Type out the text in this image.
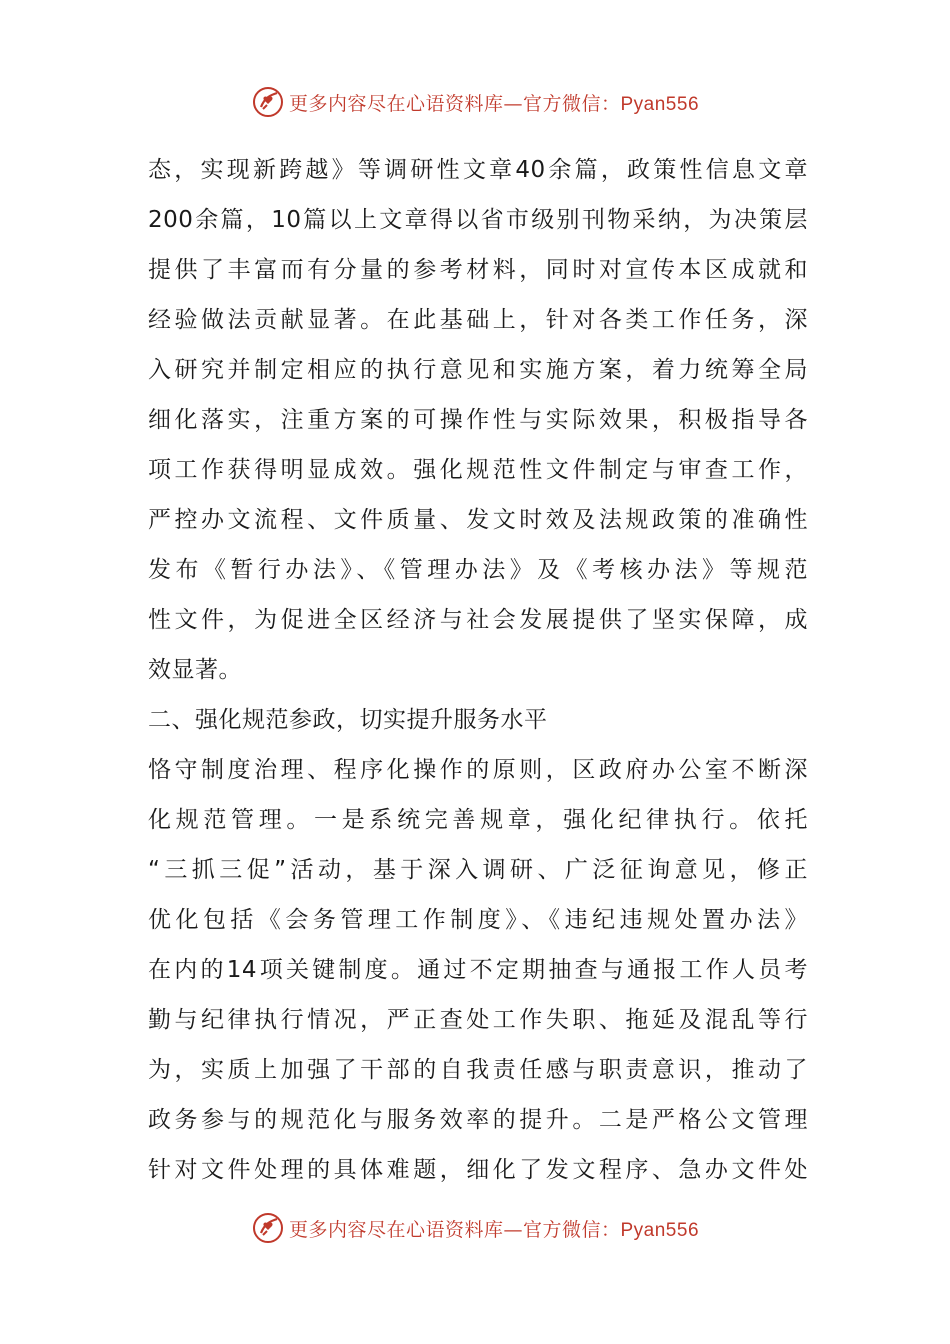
更多内容尽在心语资料库—官方微信：Pyan556
态，实现新跨越》等调研性文章40余篇，政策性信息文章
200余篇，10篇以上文章得以省市级别刊物采纳，为决策层
提供了丰富而有分量的参考材料，同时对宣传本区成就和
经验做法贡献显著。在此基础上，针对各类工作任务，深
入研究并制定相应的执行意见和实施方案，着力统筹全局
细化落实，注重方案的可操作性与实际效果，积极指导各
项工作获得明显成效。强化规范性文件制定与审查工作，
严控办文流程、文件质量、发文时效及法规政策的准确性
发布《暂行办法》、《管理办法》及《考核办法》等规范
性文件，为促进全区经济与社会发展提供了坚实保障，成
效显著。
二、强化规范参政，切实提升服务水平
恪守制度治理、程序化操作的原则，区政府办公室不断深
化规范管理。一是系统完善规章，强化纪律执行。依托
“三抓三促”活动，基于深入调研、广泛征询意见，修正
优化包括《会务管理工作制度》、《违纪违规处置办法》
在内的14项关键制度。通过不定期抽查与通报工作人员考
勤与纪律执行情况，严正查处工作失职、拖延及混乱等行
为，实质上加强了干部的自我责任感与职责意识，推动了
政务参与的规范化与服务效率的提升。二是严格公文管理
针对文件处理的具体难题，细化了发文程序、急办文件处
更多内容尽在心语资料库—官方微信：Pyan556
